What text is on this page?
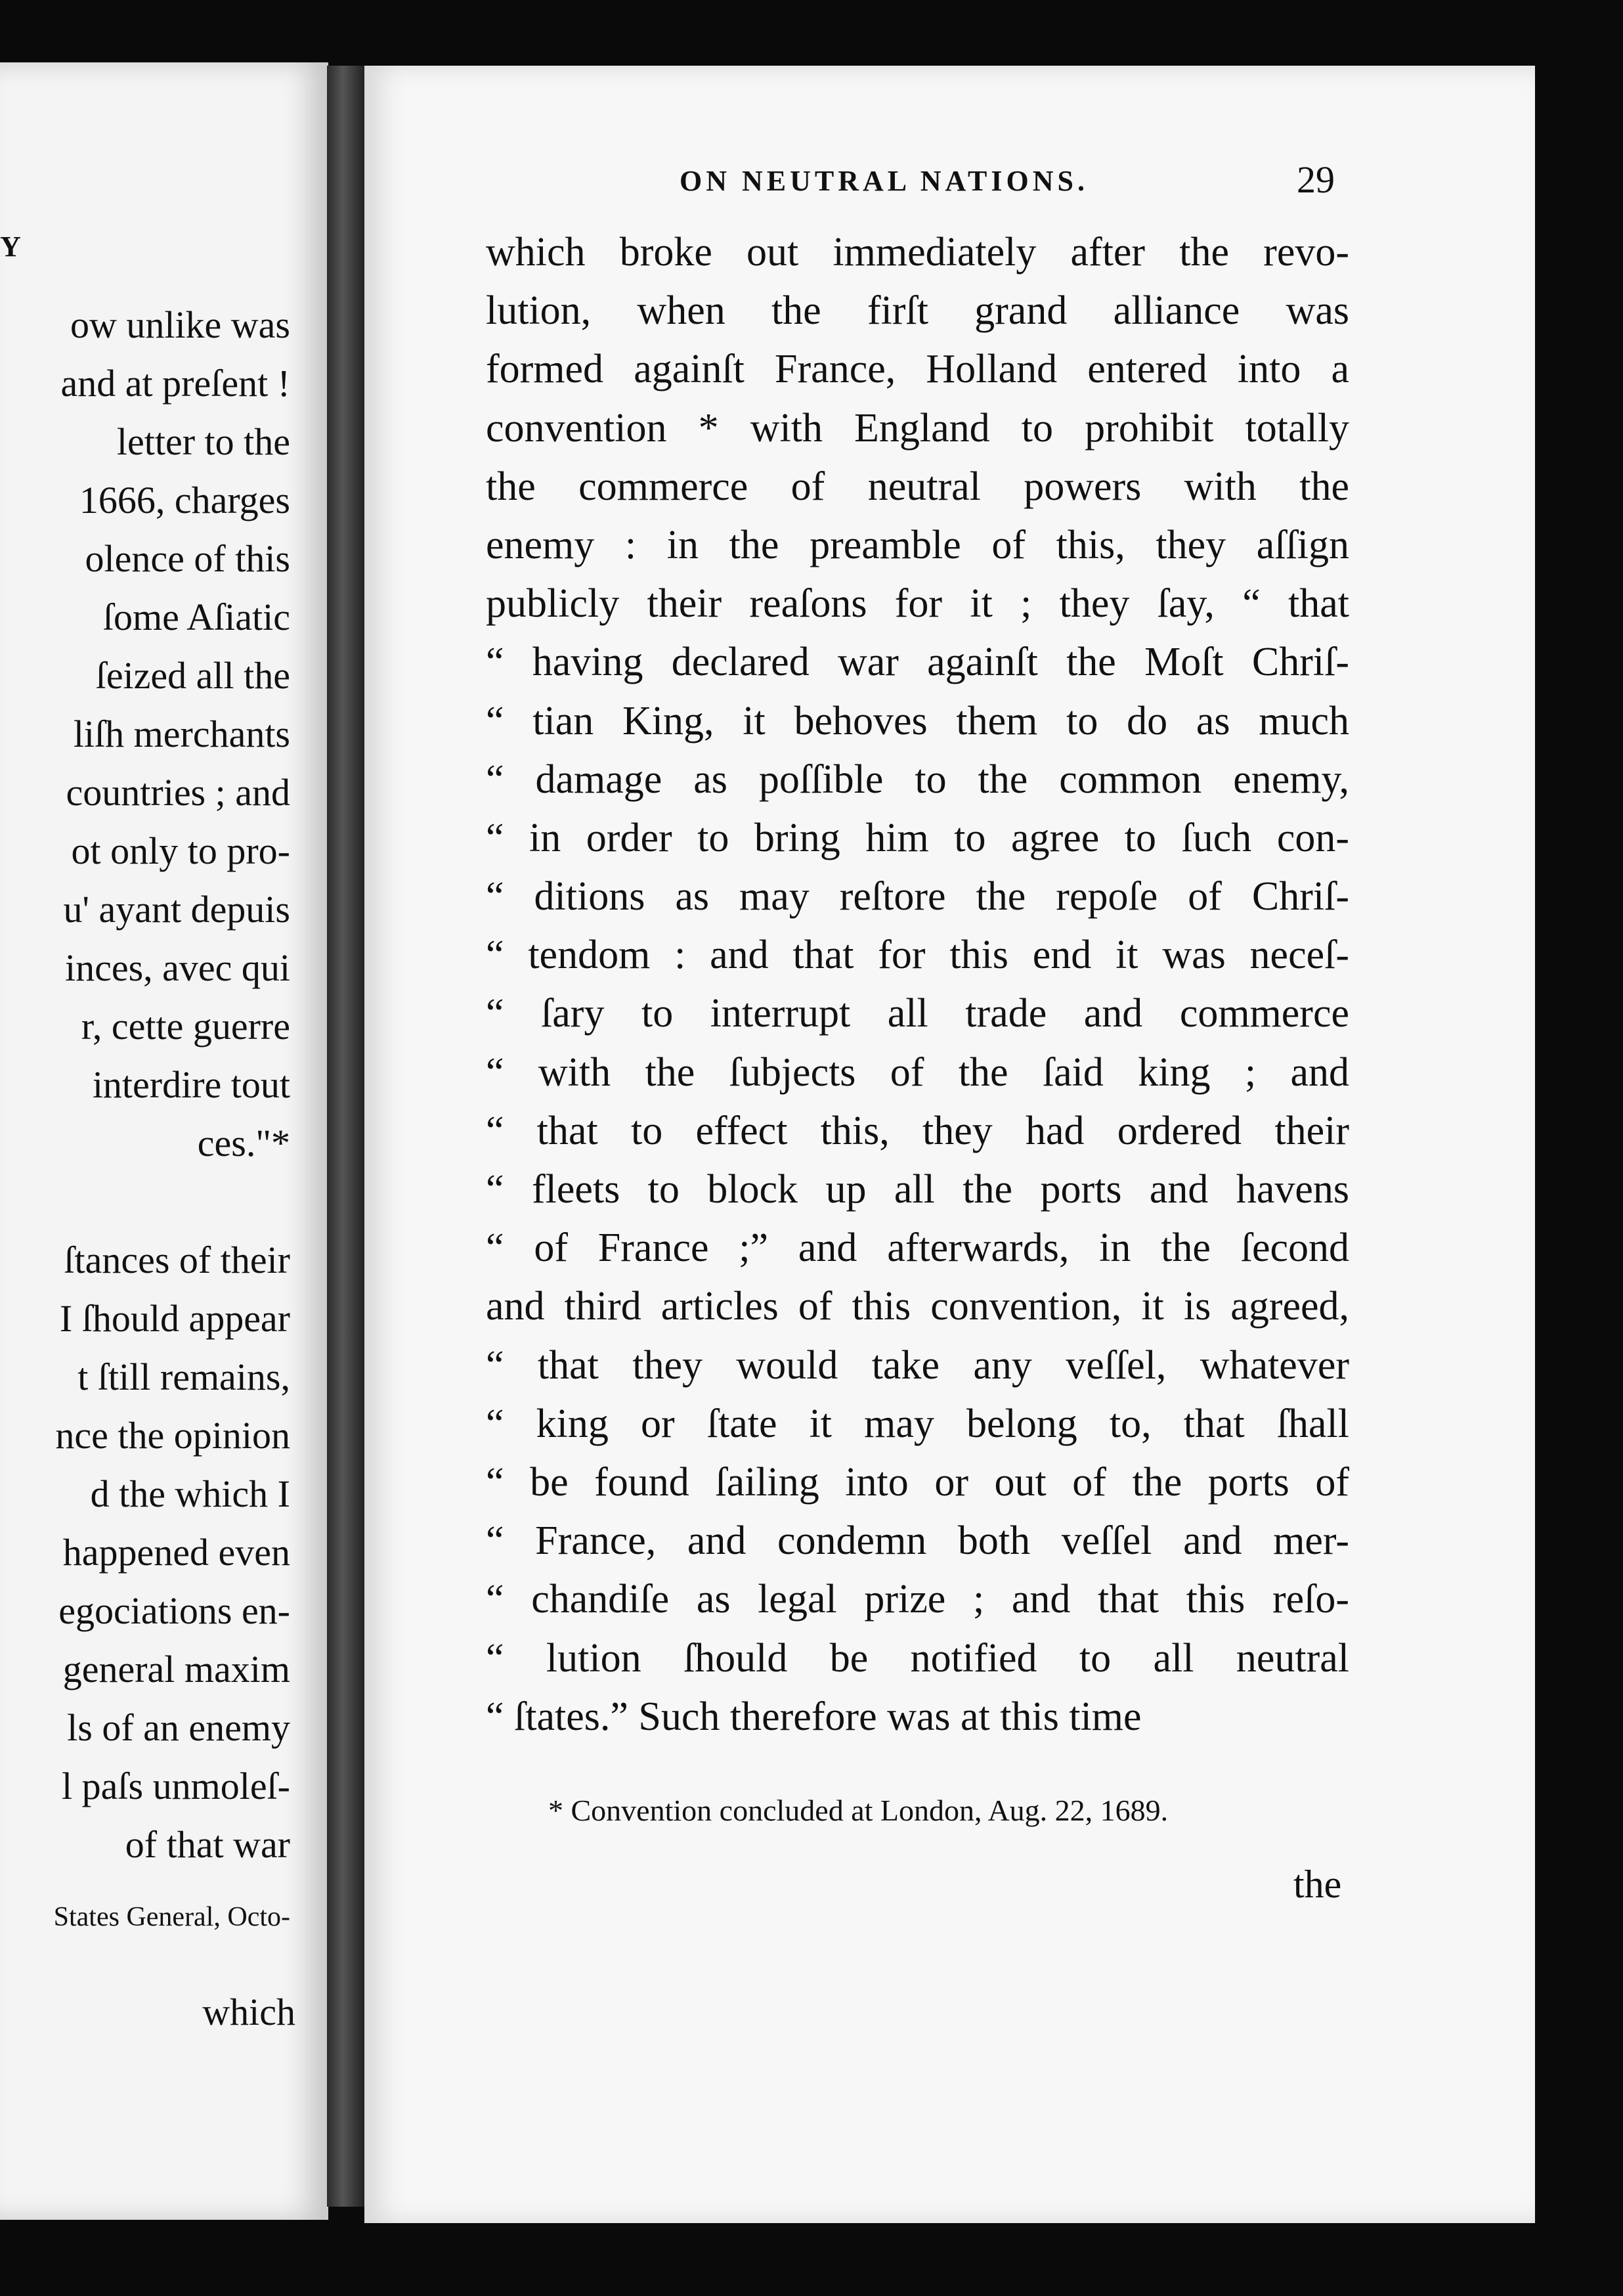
Y
ow unlike was
and at preſent !
letter to the
1666, charges
olence of this
ſome Aſiatic
ſeized all the
liſh merchants
countries ; and
ot only to pro-
u' ayant depuis
inces, avec qui
r, cette guerre
interdire tout
ces."*
ſtances of their
I ſhould appear
t ſtill remains,
nce the opinion
d the which I
happened even
egociations en-
general maxim
ls of an enemy
l paſs unmoleſ-
of that war
States General, Octo-
which
ON NEUTRAL NATIONS.	29
which broke out immediately after the revo-
lution, when the firſt grand alliance was
formed againſt France, Holland entered into a
convention * with England to prohibit totally
the commerce of neutral powers with the
enemy : in the preamble of this, they aſſign
publicly their reaſons for it ; they ſay, “ that
“ having declared war againſt the Moſt Chriſ-
“ tian King, it behoves them to do as much
“ damage as poſſible to the common enemy,
“ in order to bring him to agree to ſuch con-
“ ditions as may reſtore the repoſe of Chriſ-
“ tendom : and that for this end it was neceſ-
“ ſary to interrupt all trade and commerce
“ with the ſubjects of the ſaid king ; and
“ that to effect this, they had ordered their
“ fleets to block up all the ports and havens
“ of France ;” and afterwards, in the ſecond
and third articles of this convention, it is agreed,
“ that they would take any veſſel, whatever
“ king or ſtate it may belong to, that ſhall
“ be found ſailing into or out of the ports of
“ France, and condemn both veſſel and mer-
“ chandiſe as legal prize ; and that this reſo-
“ lution ſhould be notified to all neutral
“ ſtates.” Such therefore was at this time
* Convention concluded at London, Aug. 22, 1689.
the
